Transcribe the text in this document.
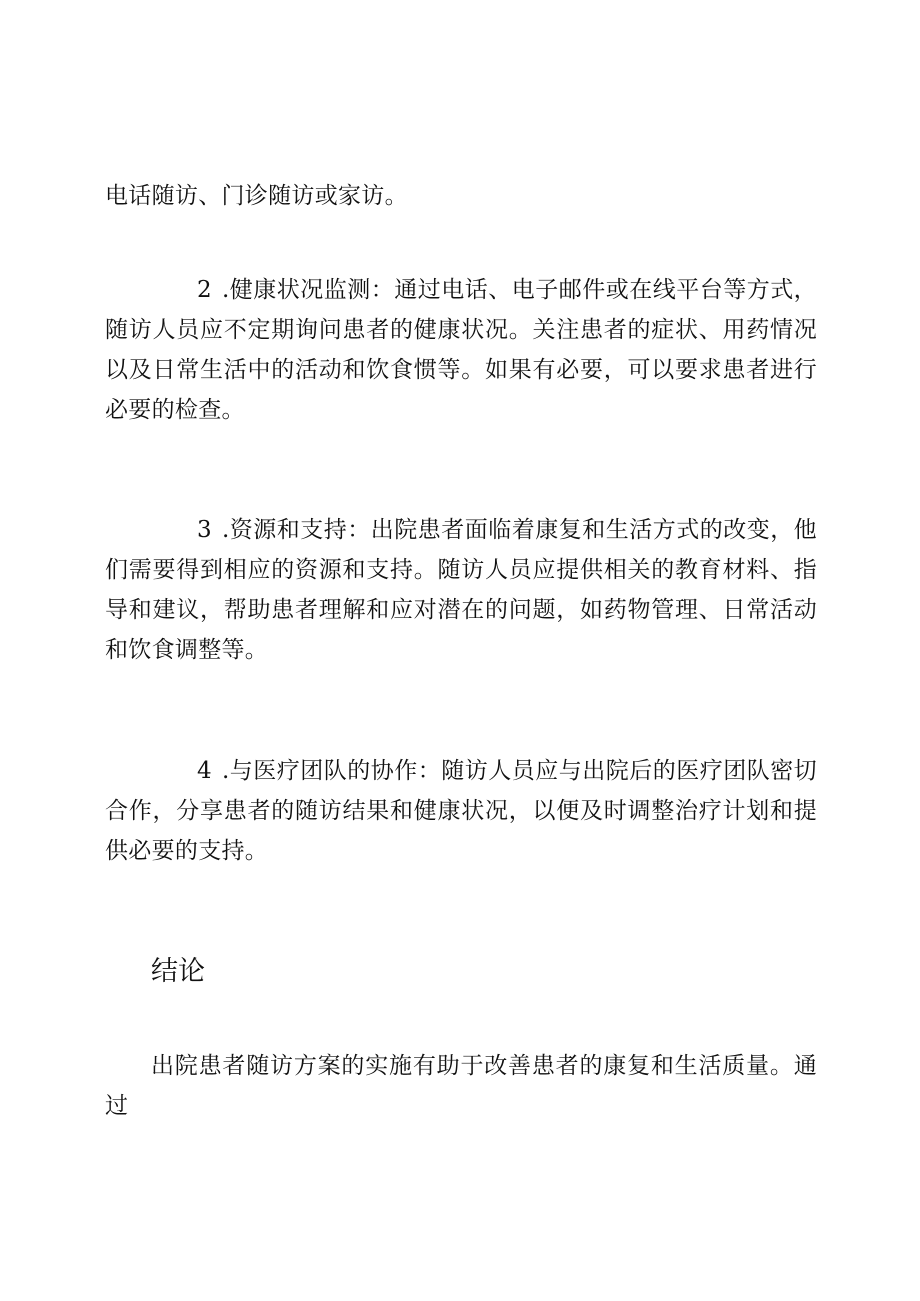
电话随访、门诊随访或家访。

2 .健康状况监测：通过电话、电子邮件或在线平台等方式，随访人员应不定期询问患者的健康状况。关注患者的症状、用药情况以及日常生活中的活动和饮食惯等。如果有必要，可以要求患者进行必要的检查。

3 .资源和支持：出院患者面临着康复和生活方式的改变，他们需要得到相应的资源和支持。随访人员应提供相关的教育材料、指导和建议，帮助患者理解和应对潜在的问题，如药物管理、日常活动和饮食调整等。

4 .与医疗团队的协作：随访人员应与出院后的医疗团队密切合作，分享患者的随访结果和健康状况，以便及时调整治疗计划和提供必要的支持。

结论

出院患者随访方案的实施有助于改善患者的康复和生活质量。通过
